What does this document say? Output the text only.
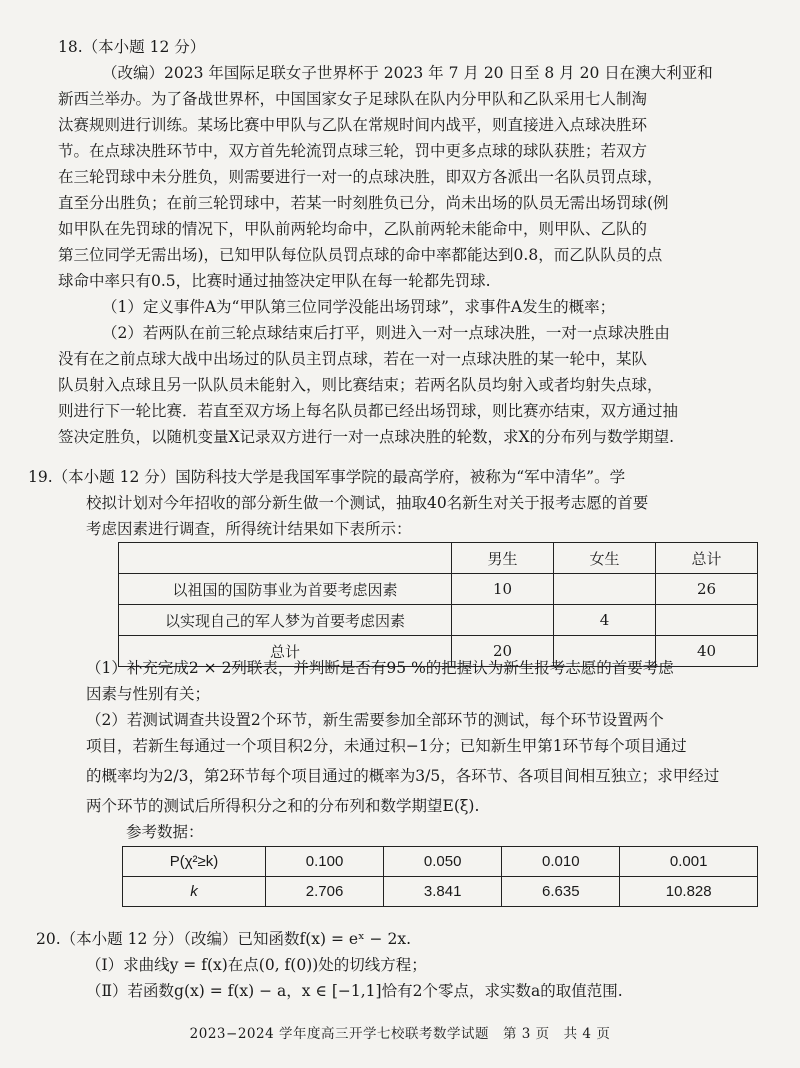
18.（本小题 12 分）
（改编）2023 年国际足联女子世界杯于 2023 年 7 月 20 日至 8 月 20 日在澳大利亚和
新西兰举办。为了备战世界杯，中国国家女子足球队在队内分甲队和乙队采用七人制淘
汰赛规则进行训练。某场比赛中甲队与乙队在常规时间内战平，则直接进入点球决胜环
节。在点球决胜环节中，双方首先轮流罚点球三轮，罚中更多点球的球队获胜；若双方
在三轮罚球中未分胜负，则需要进行一对一的点球决胜，即双方各派出一名队员罚点球，
直至分出胜负；在前三轮罚球中，若某一时刻胜负已分，尚未出场的队员无需出场罚球(例
如甲队在先罚球的情况下，甲队前两轮均命中，乙队前两轮未能命中，则甲队、乙队的
第三位同学无需出场)，已知甲队每位队员罚点球的命中率都能达到0.8，而乙队队员的点
球命中率只有0.5，比赛时通过抽签决定甲队在每一轮都先罚球.
（1）定义事件A为“甲队第三位同学没能出场罚球”，求事件A发生的概率；
（2）若两队在前三轮点球结束后打平，则进入一对一点球决胜，一对一点球决胜由
没有在之前点球大战中出场过的队员主罚点球，若在一对一点球决胜的某一轮中，某队
队员射入点球且另一队队员未能射入，则比赛结束；若两名队员均射入或者均射失点球，
则进行下一轮比赛．若直至双方场上每名队员都已经出场罚球，则比赛亦结束，双方通过抽
签决定胜负，以随机变量X记录双方进行一对一点球决胜的轮数，求X的分布列与数学期望.
19.（本小题 12 分）国防科技大学是我国军事学院的最高学府，被称为“军中清华”。学
校拟计划对今年招收的部分新生做一个测试，抽取40名新生对关于报考志愿的首要
考虑因素进行调查，所得统计结果如下表所示：
	男生	女生	总计
以祖国的国防事业为首要考虑因素	10		26
以实现自己的军人梦为首要考虑因素		4	
总计	20		40
（1）补充完成2 × 2列联表，并判断是否有95 %的把握认为新生报考志愿的首要考虑
因素与性别有关；
（2）若测试调查共设置2个环节，新生需要参加全部环节的测试，每个环节设置两个
项目，若新生每通过一个项目积2分，未通过积−1分；已知新生甲第1环节每个项目通过
的概率均为2/3，第2环节每个项目通过的概率为3/5，各环节、各项目间相互独立；求甲经过
两个环节的测试后所得积分之和的分布列和数学期望E(ξ).
参考数据：
P(χ²≥k)	0.100	0.050	0.010	0.001
k	2.706	3.841	6.635	10.828
20.（本小题 12 分）（改编）已知函数f(x) = eˣ − 2x.
（Ⅰ）求曲线y = f(x)在点(0, f(0))处的切线方程；
（Ⅱ）若函数g(x) = f(x) − a，x ∈ [−1,1]恰有2个零点，求实数a的取值范围.
2023−2024 学年度高三开学七校联考数学试题　第 3 页　共 4 页
